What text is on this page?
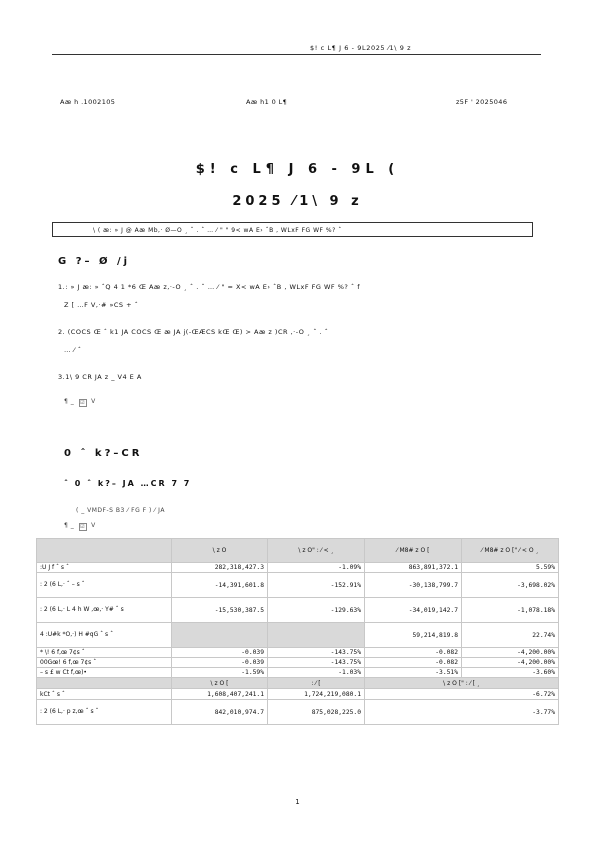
$! c L¶ J 6 - 9L2025 ⁄1\ 9 z
Aæ h .1002105	Aæ h1 0 L¶	z5F ' 2025046
$! c L¶ J 6 - 9L (
2025 ⁄1\ 9 z
\ ( æ: » J @ Aæ Mb,· Ø—O ¸ ˆ . ˆ … ⁄ " " 9< wA E› ˆB , WLxF FG WF %? ˆ
G ?– Ø /j
1.: » J æ: » ˆQ 4 1 *6 Œ Aæ z,·-O ¸ ˆ . ˆ … ⁄ " = X< wA E› ˆB , WLxF FG WF %? ˆ f
Z [ …F V,·# »CS + ˆ
2. (COCS Œ ˆ k1 JA COCS Œ æ JA j(-ŒÆCS kŒ Œ) > Aæ z )CR ,·-O ¸ ˆ . ˆ
… ⁄ ˆ
3.1\ 9 CR JA z _ V4 E A
¶ _ ☑ V
0 ˆ k?–CR
ˆ 0 ˆ k?– JA …CR 7 7
( _ VMDF-S B3 ⁄ FG F ) ⁄ JA
¶ _ ☑ V
	\ z O	\ z O" : ⁄ < ¸	⁄ M8# z O [	⁄ M8# z O [" ⁄ < O ¸
:U J f ˆ s ˆ	282,318,427.3	-1.09%	863,891,372.1	5.59%
: 2 (6 L,· ˆ – s ˆ	-14,391,601.8	-152.91%	-30,138,799.7	-3,698.02%
: 2 (6 L,· L 4 h W ,œ,· Y# ˆ s	-15,530,387.5	-129.63%	-34,019,142.7	-1,078.18%
4 :U#k *O,·) H #qG ˆ s ˆ			59,214,819.8	22.74%
* \! 6 f,œ 7¢s ˆ	-0.039	-143.75%	-0.082	-4,200.00%
00Gœ! 6 f,œ 7¢s ˆ	-0.039	-143.75%	-0.082	-4,200.00%
– s £ w Ct f,œ)•	-1.59%	-1.03%	-3.51%	-3.60%
	\ z O [	: ⁄ [	\ z O [" : ⁄ [ ¸	
kCt ˆ s ˆ	1,608,407,241.1	1,724,219,080.1	-6.72%	
: 2 (6 L,· p z,œ ˆ s ˆ	842,010,974.7	875,028,225.0	-3.77%	
1
